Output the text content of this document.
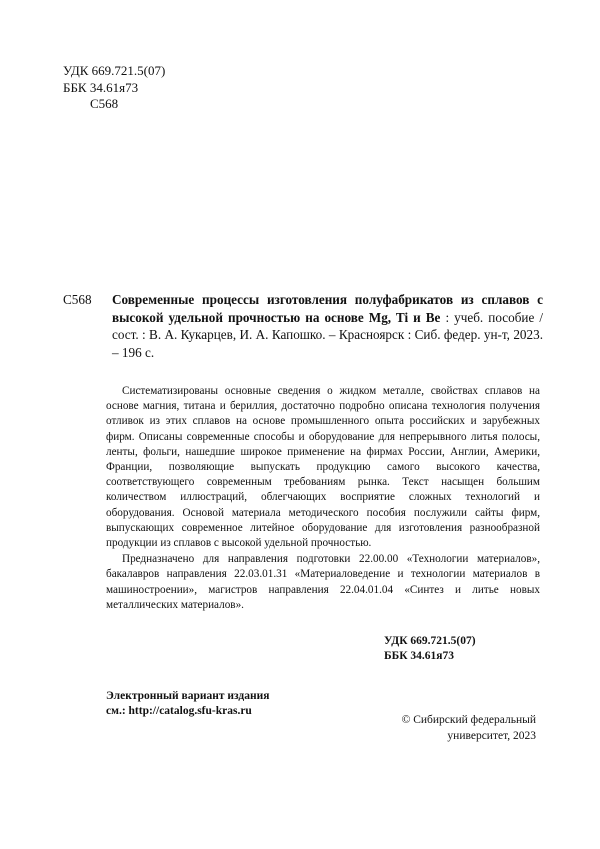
УДК 669.721.5(07)
ББК 34.61я73
С568
С568 Современные процессы изготовления полуфабрикатов из сплавов с высокой удельной прочностью на основе Mg, Ti и Be : учеб. пособие / сост. : В. А. Кукарцев, И. А. Капошко. – Красноярск : Сиб. федер. ун-т, 2023. – 196 с.

Систематизированы основные сведения о жидком металле, свойствах сплавов на основе магния, титана и бериллия, достаточно подробно описана технология получения отливок из этих сплавов на основе промышленного опыта российских и зарубежных фирм. Описаны современные способы и оборудование для непрерывного литья полосы, ленты, фольги, нашедшие широкое применение на фирмах России, Англии, Америки, Франции, позволяющие выпускать продукцию самого высокого качества, соответствующего современным требованиям рынка. Текст насыщен большим количеством иллюстраций, облегчающих восприятие сложных технологий и оборудования. Основой материала методического пособия послужили сайты фирм, выпускающих современное литейное оборудование для изготовления разнообразной продукции из сплавов с высокой удельной прочностью.

Предназначено для направления подготовки 22.00.00 «Технологии материалов», бакалавров направления 22.03.01.31 «Материаловедение и технологии материалов в машиностроении», магистров направления 22.04.01.04 «Синтез и литье новых металлических материалов».

УДК 669.721.5(07)
ББК 34.61я73
Электронный вариант издания
см.: http://catalog.sfu-kras.ru
© Сибирский федеральный
университет, 2023
